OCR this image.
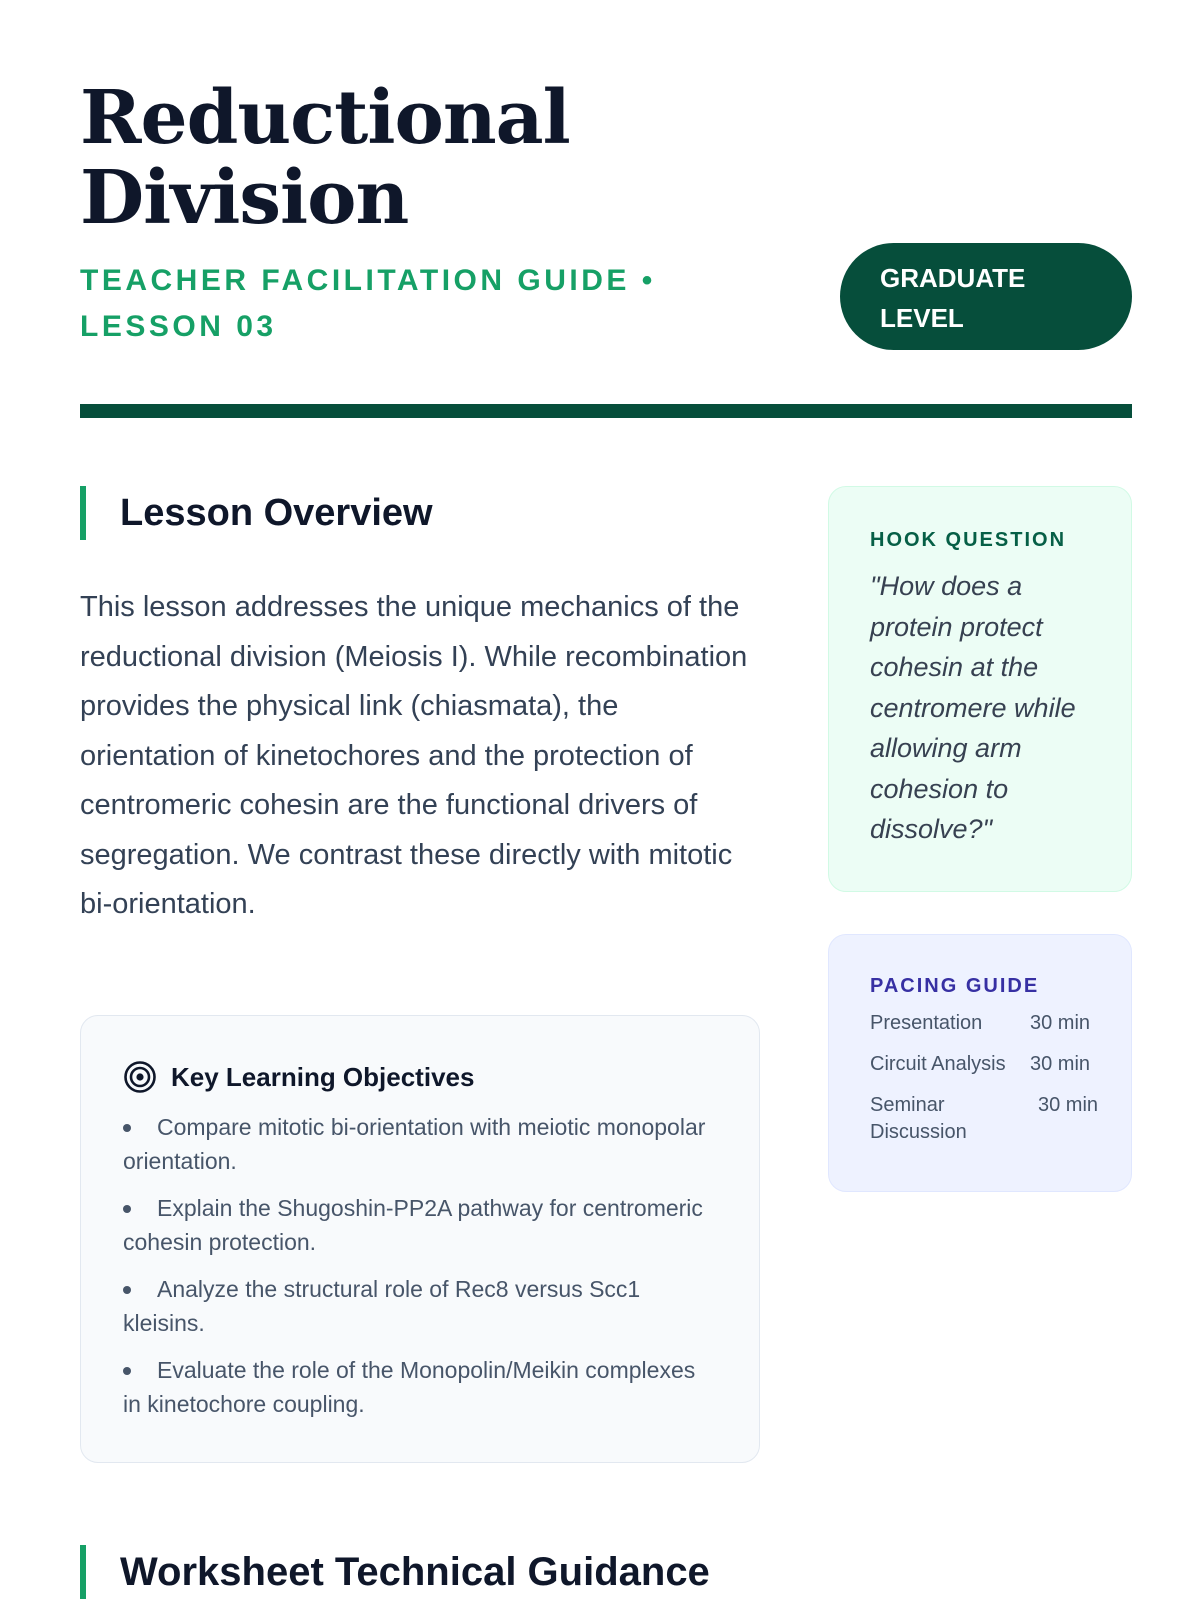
Reductional Division
TEACHER FACILITATION GUIDE • LESSON 03
GRADUATE LEVEL
Lesson Overview

This lesson addresses the unique mechanics of the reductional division (Meiosis I). While recombination provides the physical link (chiasmata), the orientation of kinetochores and the protection of centromeric cohesin are the functional drivers of segregation. We contrast these directly with mitotic bi-orientation.

Key Learning Objectives
Compare mitotic bi-orientation with meiotic monopolar orientation.
Explain the Shugoshin-PP2A pathway for centromeric cohesin protection.
Analyze the structural role of Rec8 versus Scc1 kleisins.
Evaluate the role of the Monopolin/Meikin complexes in kinetochore coupling.
HOOK QUESTION

"How does a protein protect cohesin at the centromere while allowing arm cohesion to dissolve?"

PACING GUIDE
Presentation	30 min
Circuit Analysis	30 min
Seminar Discussion	30 min
Worksheet Technical Guidance
